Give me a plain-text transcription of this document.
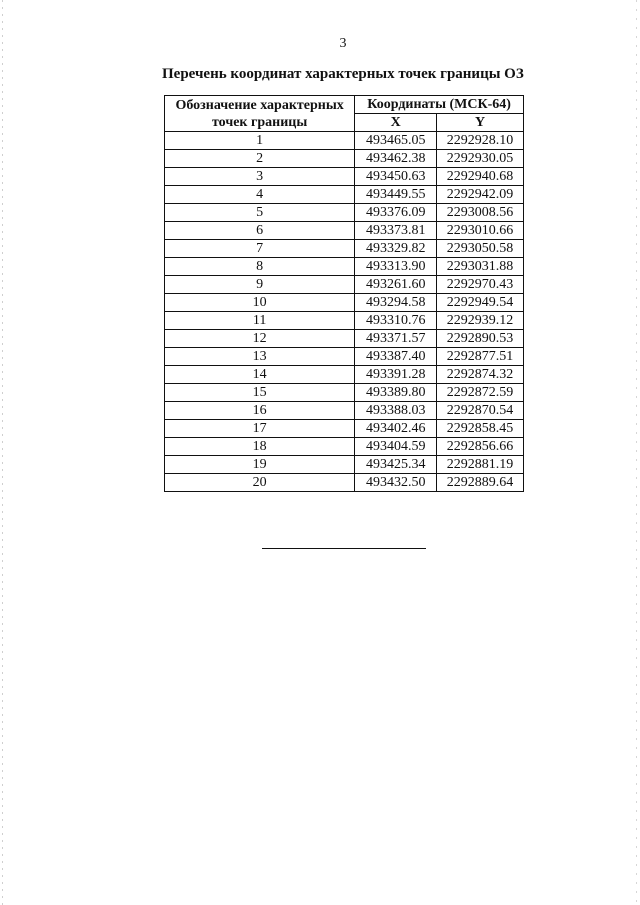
3
Перечень координат характерных точек границы ОЗ
Обозначение характерных точек границы	Координаты (МСК-64)	
	X	Y
1	493465.05	2292928.10
2	493462.38	2292930.05
3	493450.63	2292940.68
4	493449.55	2292942.09
5	493376.09	2293008.56
6	493373.81	2293010.66
7	493329.82	2293050.58
8	493313.90	2293031.88
9	493261.60	2292970.43
10	493294.58	2292949.54
11	493310.76	2292939.12
12	493371.57	2292890.53
13	493387.40	2292877.51
14	493391.28	2292874.32
15	493389.80	2292872.59
16	493388.03	2292870.54
17	493402.46	2292858.45
18	493404.59	2292856.66
19	493425.34	2292881.19
20	493432.50	2292889.64
